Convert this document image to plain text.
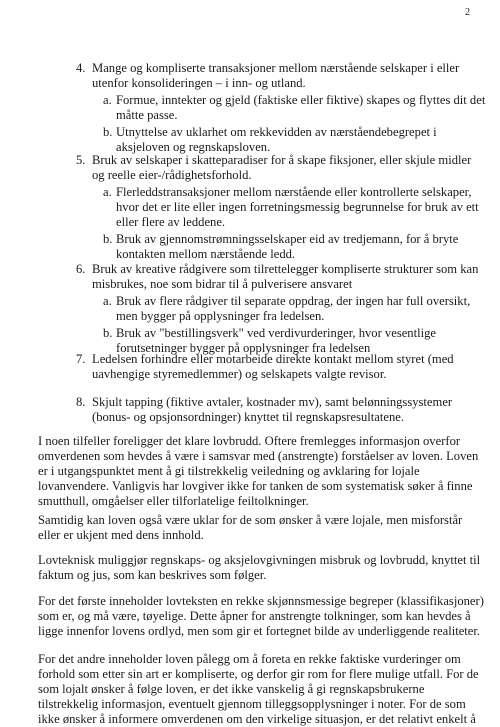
2
4. Mange og kompliserte transaksjoner mellom nærstående selskaper i eller utenfor konsolideringen – i inn- og utland.
a. Formue, inntekter og gjeld (faktiske eller fiktive) skapes og flyttes dit det måtte passe.
b. Utnyttelse av uklarhet om rekkevidden av nærståendebegrepet i aksjeloven og regnskapsloven.
5. Bruk av selskaper i skatteparadiser for å skape fiksjoner, eller skjule midler og reelle eier-/rådighetsforhold.
a. Flerleddstransaksjoner mellom nærstående eller kontrollerte selskaper, hvor det er lite eller ingen forretningsmessig begrunnelse for bruk av ett eller flere av leddene.
b. Bruk av gjennomstrømningsselskaper eid av tredjemann, for å bryte kontakten mellom nærstående ledd.
6. Bruk av kreative rådgivere som tilrettelegger kompliserte strukturer som kan misbrukes, noe som bidrar til å pulverisere ansvaret
a. Bruk av flere rådgiver til separate oppdrag, der ingen har full oversikt, men bygger på opplysninger fra ledelsen.
b. Bruk av "bestillingsverk" ved verdivurderinger, hvor vesentlige forutsetninger bygger på opplysninger fra ledelsen
7. Ledelsen forhindre eller motarbeide direkte kontakt mellom styret (med uavhengige styremedlemmer) og selskapets valgte revisor.
8. Skjult tapping (fiktive avtaler, kostnader mv), samt belønningssystemer (bonus- og opsjonsordninger) knyttet til regnskapsresultatene.

I noen tilfeller foreligger det klare lovbrudd. Oftere fremlegges informasjon overfor omverdenen som hevdes å være i samsvar med (anstrengte) forståelser av loven. Loven er i utgangspunktet ment å gi tilstrekkelig veiledning og avklaring for lojale lovanvendere. Vanligvis har lovgiver ikke for tanken de som systematisk søker å finne smutthull, omgåelser eller tilforlatelige feiltolkninger.

Samtidig kan loven også være uklar for de som ønsker å være lojale, men misforstår eller er ukjent med dens innhold.

Lovteknisk muliggjør regnskaps- og aksjelovgivningen misbruk og lovbrudd, knyttet til faktum og jus, som kan beskrives som følger.

For det første inneholder lovteksten en rekke skjønnsmessige begreper (klassifikasjoner) som er, og må være, tøyelige. Dette åpner for anstrengte tolkninger, som kan hevdes å ligge innenfor lovens ordlyd, men som gir et fortegnet bilde av underliggende realiteter.

For det andre inneholder loven pålegg om å foreta en rekke faktiske vurderinger om forhold som etter sin art er kompliserte, og derfor gir rom for flere mulige utfall. For de som lojalt ønsker å følge loven, er det ikke vanskelig å gi regnskapsbrukerne tilstrekkelig informasjon, eventuelt gjennom tilleggsopplysninger i noter. For de som ikke ønsker å informere omverdenen om den virkelige situasjon, er det relativt enkelt å
